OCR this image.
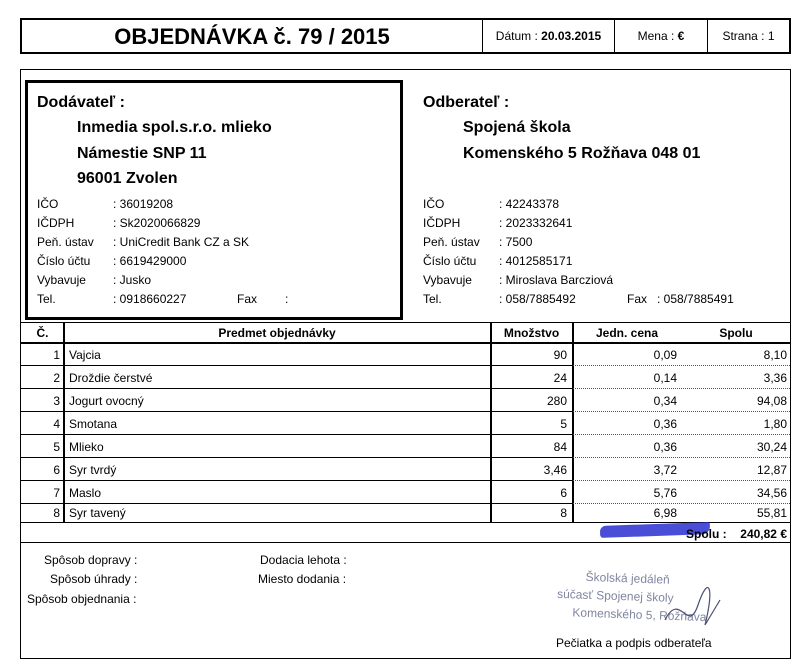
OBJEDNÁVKA č. 79 / 2015	Dátum : 20.03.2015	Mena : €	Strana : 1
Dodávateľ :
Inmedia spol.s.r.o. mlieko
Námestie SNP 11
96001 Zvolen
IČO	: 36019208
IČDPH	: Sk2020066829
Peň. ústav : UniCredit Bank CZ a SK
Číslo účtu : 6619429000
Vybavuje : Jusko
Tel.	: 0918660227	Fax :
Odberateľ :
Spojená škola
Komenského 5 Rožňava 048 01
IČO	: 42243378
IČDPH	: 2023332641
Peň. ústav : 7500
Číslo účtu : 4012585171
Vybavuje : Miroslava Barcziová
Tel.	: 058/7885492	Fax : 058/7885491
Č.	Predmet objednávky	Množstvo	Jedn. cena	Spolu
1 Vajcia	90	0,09	8,10
2 Droždie čerstvé	24	0,14	3,36
3 Jogurt ovocný	280	0,34	94,08
4 Smotana	5	0,36	1,80
5 Mlieko	84	0,36	30,24
6 Syr tvrdý	3,46	3,72	12,87
7 Maslo	6	5,76	34,56
8 Syr tavený	8	6,98	55,81
Spolu :	240,82 €
Spôsob dopravy :
Spôsob úhrady :
Spôsob objednania :
Dodacia lehota :
Miesto dodania :	Školská jedáleň
súčasť Spojenej školy
Komenského 5, Rožňava
Pečiatka a podpis odberateľa
